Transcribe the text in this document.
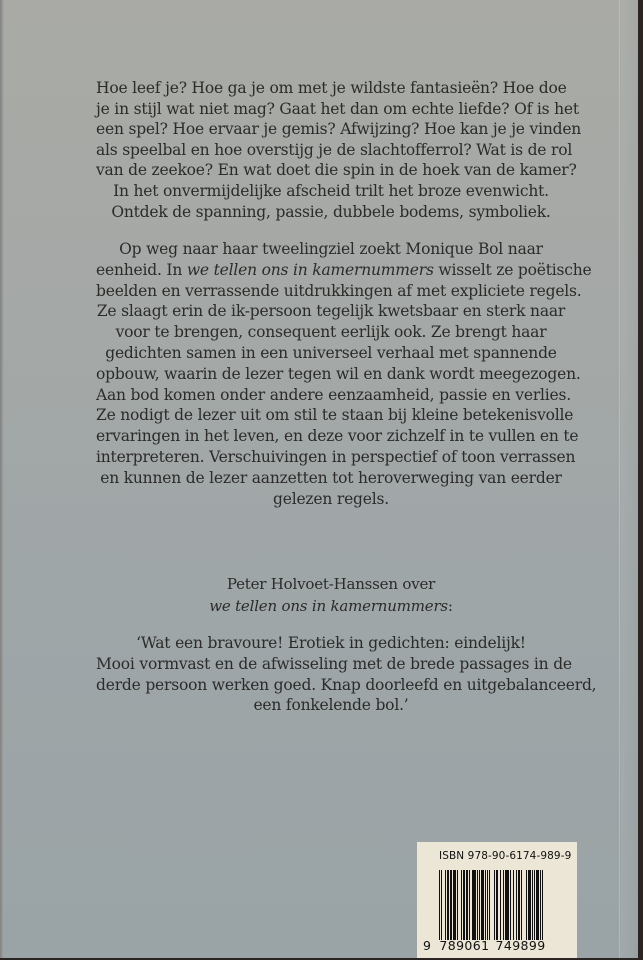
Hoe leef je? Hoe ga je om met je wildste fantasieën? Hoe doe
je in stijl wat niet mag? Gaat het dan om echte liefde? Of is het
een spel? Hoe ervaar je gemis? Afwijzing? Hoe kan je je vinden
als speelbal en hoe overstijg je de slachtofferrol? Wat is de rol
van de zeekoe? En wat doet die spin in de hoek van de kamer?
In het onvermijdelijke afscheid trilt het broze evenwicht.
Ontdek de spanning, passie, dubbele bodems, symboliek.
Op weg naar haar tweelingziel zoekt Monique Bol naar
eenheid. In we tellen ons in kamernummers wisselt ze poëtische
beelden en verrassende uitdrukkingen af met expliciete regels.
Ze slaagt erin de ik-persoon tegelijk kwetsbaar en sterk naar
voor te brengen, consequent eerlijk ook. Ze brengt haar
gedichten samen in een universeel verhaal met spannende
opbouw, waarin de lezer tegen wil en dank wordt meegezogen.
Aan bod komen onder andere eenzaamheid, passie en verlies.
Ze nodigt de lezer uit om stil te staan bij kleine betekenisvolle
ervaringen in het leven, en deze voor zichzelf in te vullen en te
interpreteren. Verschuivingen in perspectief of toon verrassen
en kunnen de lezer aanzetten tot heroverweging van eerder
gelezen regels.
Peter Holvoet-Hanssen over
we tellen ons in kamernummers:
‘Wat een bravoure! Erotiek in gedichten: eindelijk!
Mooi vormvast en de afwisseling met de brede passages in de
derde persoon werken goed. Knap doorleefd en uitgebalanceerd,
een fonkelende bol.’
ISBN 978-90-6174-989-9
9 789061 749899
